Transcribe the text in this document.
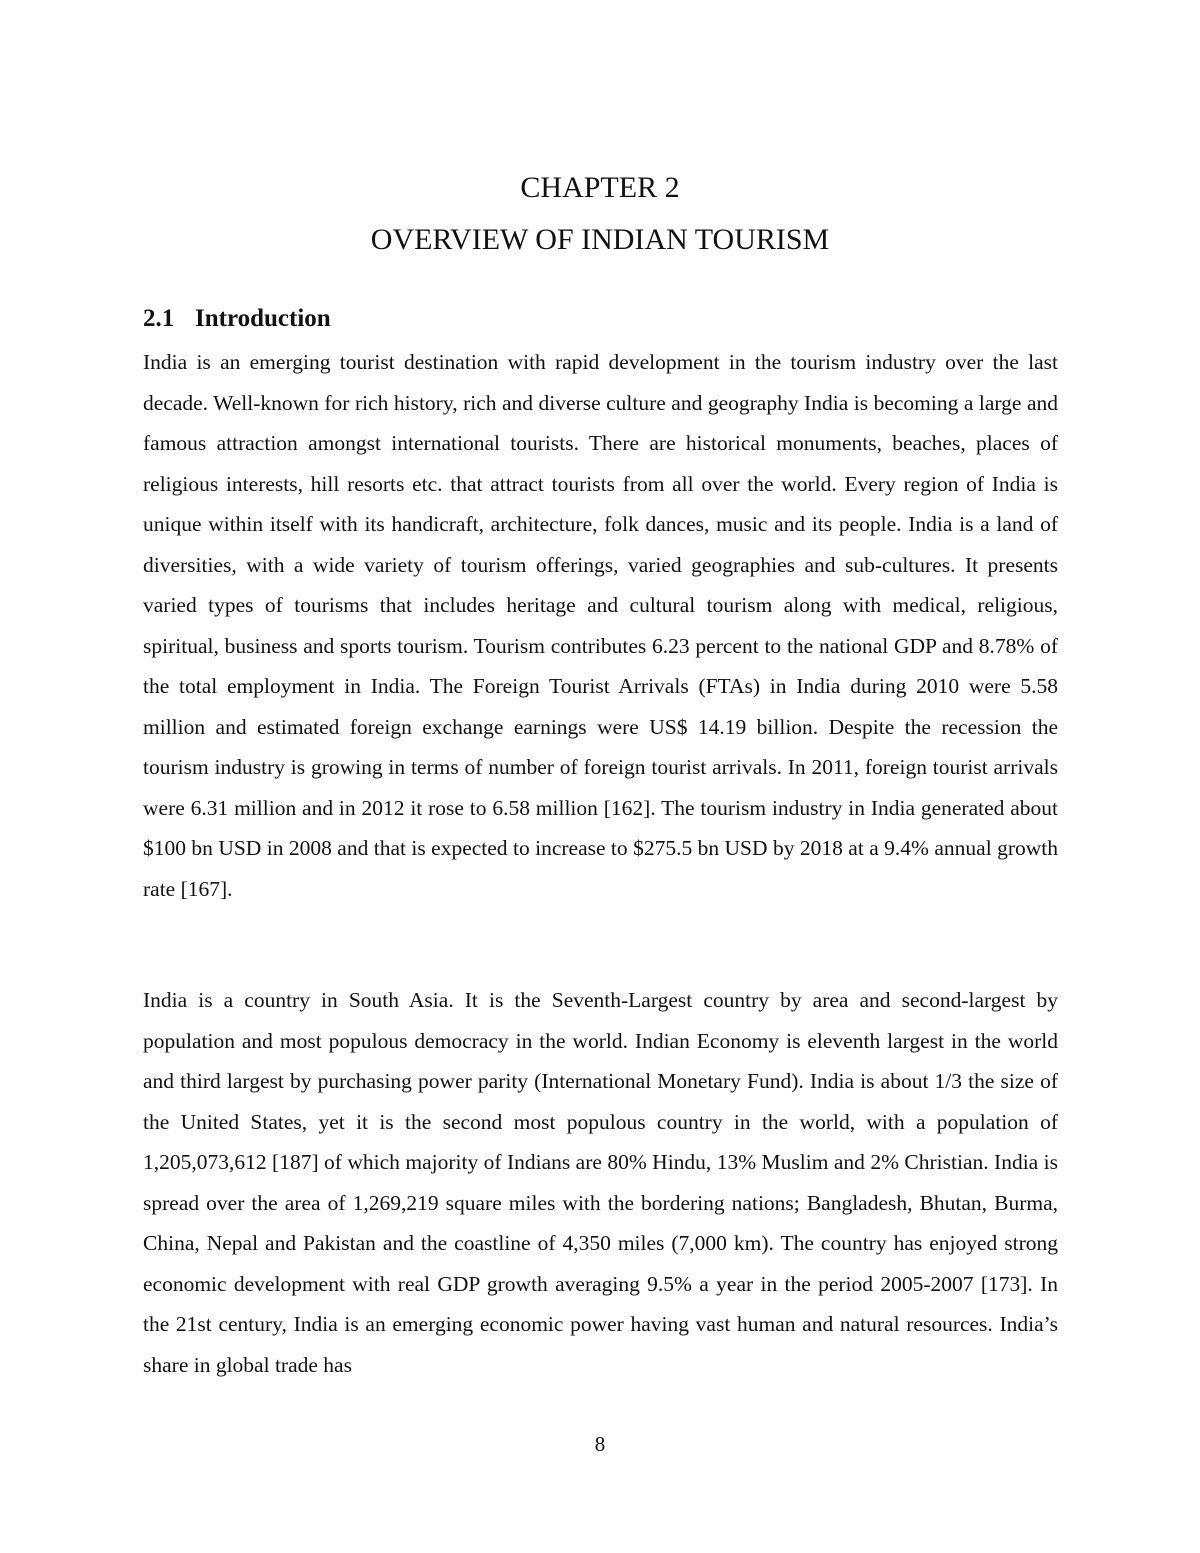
CHAPTER 2
OVERVIEW OF INDIAN TOURISM
2.1 Introduction

India is an emerging tourist destination with rapid development in the tourism industry over the last decade. Well-known for rich history, rich and diverse culture and geography India is becoming a large and famous attraction amongst international tourists. There are historical monuments, beaches, places of religious interests, hill resorts etc. that attract tourists from all over the world. Every region of India is unique within itself with its handicraft, architecture, folk dances, music and its people. India is a land of diversities, with a wide variety of tourism offerings, varied geographies and sub-cultures. It presents varied types of tourisms that includes heritage and cultural tourism along with medical, religious, spiritual, business and sports tourism. Tourism contributes 6.23 percent to the national GDP and 8.78% of the total employment in India. The Foreign Tourist Arrivals (FTAs) in India during 2010 were 5.58 million and estimated foreign exchange earnings were US$ 14.19 billion. Despite the recession the tourism industry is growing in terms of number of foreign tourist arrivals. In 2011, foreign tourist arrivals were 6.31 million and in 2012 it rose to 6.58 million [162]. The tourism industry in India generated about $100 bn USD in 2008 and that is expected to increase to $275.5 bn USD by 2018 at a 9.4% annual growth rate [167].

India is a country in South Asia. It is the Seventh-Largest country by area and second-largest by population and most populous democracy in the world. Indian Economy is eleventh largest in the world and third largest by purchasing power parity (International Monetary Fund). India is about 1/3 the size of the United States, yet it is the second most populous country in the world, with a population of 1,205,073,612 [187] of which majority of Indians are 80% Hindu, 13% Muslim and 2% Christian. India is spread over the area of 1,269,219 square miles with the bordering nations; Bangladesh, Bhutan, Burma, China, Nepal and Pakistan and the coastline of 4,350 miles (7,000 km). The country has enjoyed strong economic development with real GDP growth averaging 9.5% a year in the period 2005-2007 [173]. In the 21st century, India is an emerging economic power having vast human and natural resources. India’s share in global trade has

8
